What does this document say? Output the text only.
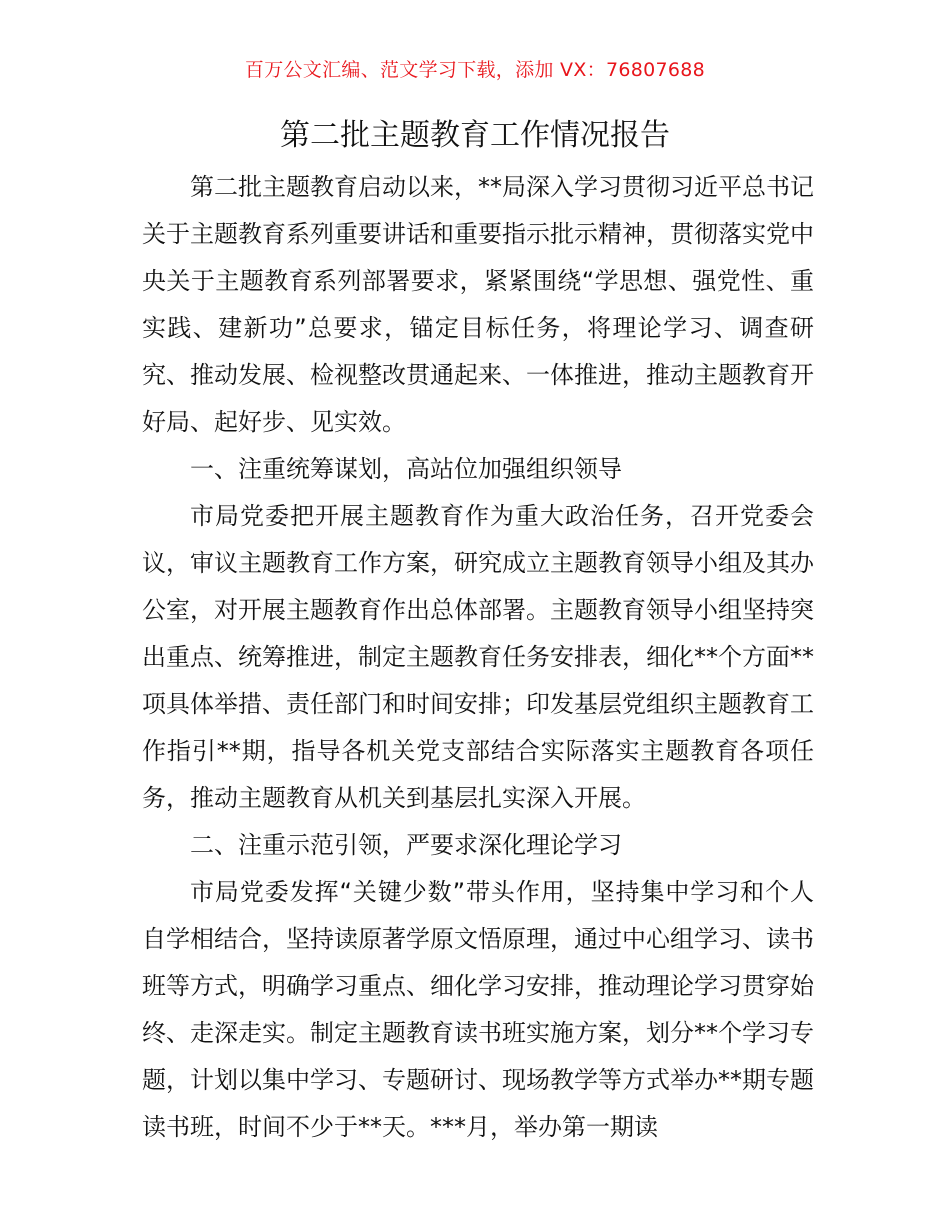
百万公文汇编、范文学习下载，添加 VX：76807688
第二批主题教育工作情况报告

第二批主题教育启动以来，**局深入学习贯彻习近平总书记关于主题教育系列重要讲话和重要指示批示精神，贯彻落实党中央关于主题教育系列部署要求，紧紧围绕“学思想、强党性、重实践、建新功”总要求，锚定目标任务，将理论学习、调查研究、推动发展、检视整改贯通起来、一体推进，推动主题教育开好局、起好步、见实效。

一、注重统筹谋划，高站位加强组织领导

市局党委把开展主题教育作为重大政治任务，召开党委会议，审议主题教育工作方案，研究成立主题教育领导小组及其办公室，对开展主题教育作出总体部署。主题教育领导小组坚持突出重点、统筹推进，制定主题教育任务安排表，细化**个方面**项具体举措、责任部门和时间安排；印发基层党组织主题教育工作指引**期，指导各机关党支部结合实际落实主题教育各项任务，推动主题教育从机关到基层扎实深入开展。

二、注重示范引领，严要求深化理论学习

市局党委发挥“关键少数”带头作用，坚持集中学习和个人自学相结合，坚持读原著学原文悟原理，通过中心组学习、读书班等方式，明确学习重点、细化学习安排，推动理论学习贯穿始终、走深走实。制定主题教育读书班实施方案，划分**个学习专题，计划以集中学习、专题研讨、现场教学等方式举办**期专题读书班，时间不少于**天。***月，举办第一期读
